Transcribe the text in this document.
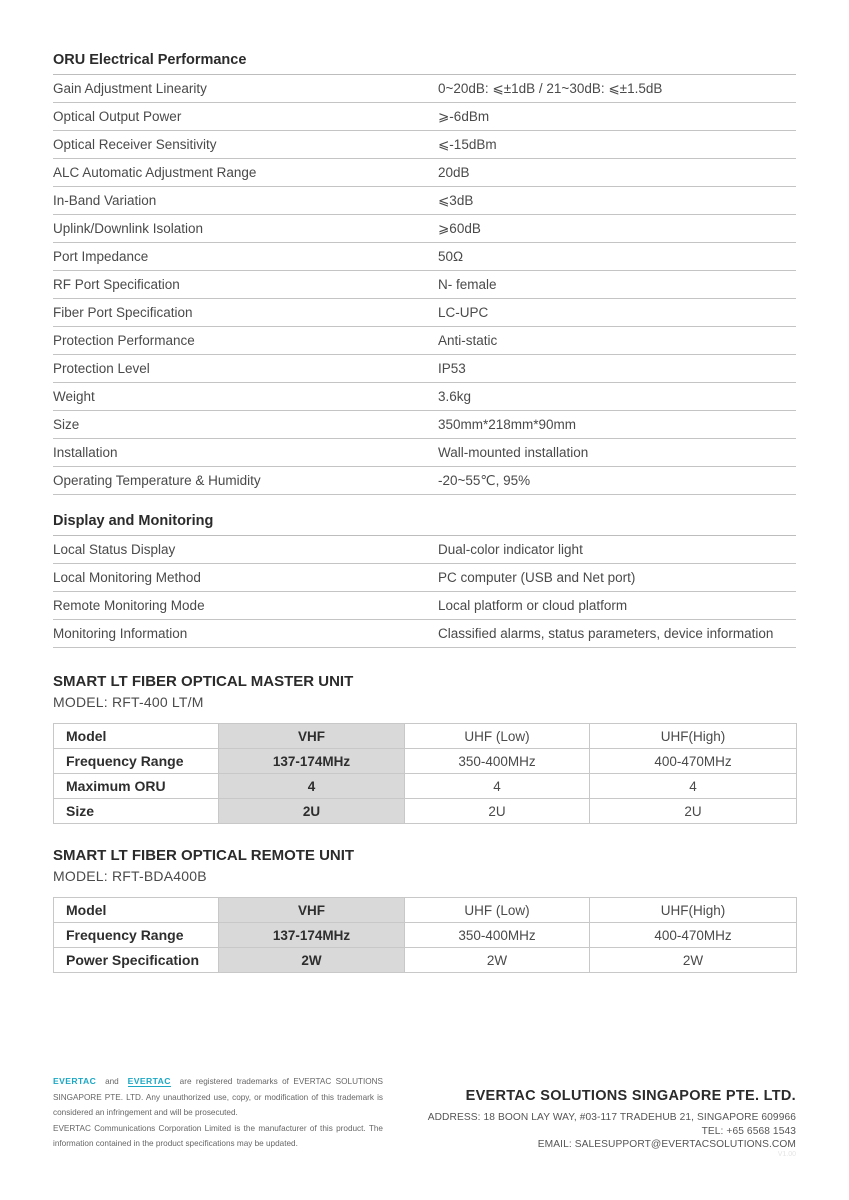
ORU Electrical Performance
Gain Adjustment Linearity	0~20dB: ⩽±1dB / 21~30dB: ⩽±1.5dB
Optical Output Power	⩾-6dBm
Optical Receiver Sensitivity	⩽-15dBm
ALC Automatic Adjustment Range	20dB
In-Band Variation	⩽3dB
Uplink/Downlink Isolation	⩾60dB
Port Impedance	50Ω
RF Port Specification	N- female
Fiber Port Specification	LC-UPC
Protection Performance	Anti-static
Protection Level	IP53
Weight	3.6kg
Size	350mm*218mm*90mm
Installation	Wall-mounted installation
Operating Temperature & Humidity	-20~55℃, 95%
Display and Monitoring
Local Status Display	Dual-color indicator light
Local Monitoring Method	PC computer (USB and Net port)
Remote Monitoring Mode	Local platform or cloud platform
Monitoring Information	Classified alarms, status parameters, device information
SMART LT FIBER OPTICAL MASTER UNIT
MODEL: RFT-400 LT/M
Model	VHF	UHF (Low)	UHF(High)
Frequency Range	137-174MHz	350-400MHz	400-470MHz
Maximum ORU	4	4	4
Size	2U	2U	2U
SMART LT FIBER OPTICAL REMOTE UNIT
MODEL: RFT-BDA400B
Model	VHF	UHF (Low)	UHF(High)
Frequency Range	137-174MHz	350-400MHz	400-470MHz
Power Specification	2W	2W	2W
EVERTAC and EVERTAC are registered trademarks of EVERTAC SOLUTIONS SINGAPORE PTE. LTD. Any unauthorized use, copy, or modification of this trademark is considered an infringement and will be prosecuted.
EVERTAC Communications Corporation Limited is the manufacturer of this product. The information contained in the product specifications may be updated.
EVERTAC SOLUTIONS SINGAPORE PTE. LTD.
ADDRESS: 18 BOON LAY WAY, #03-117 TRADEHUB 21, SINGAPORE 609966
TEL: +65 6568 1543
EMAIL: SALESUPPORT@EVERTACSOLUTIONS.COM
V1.00
